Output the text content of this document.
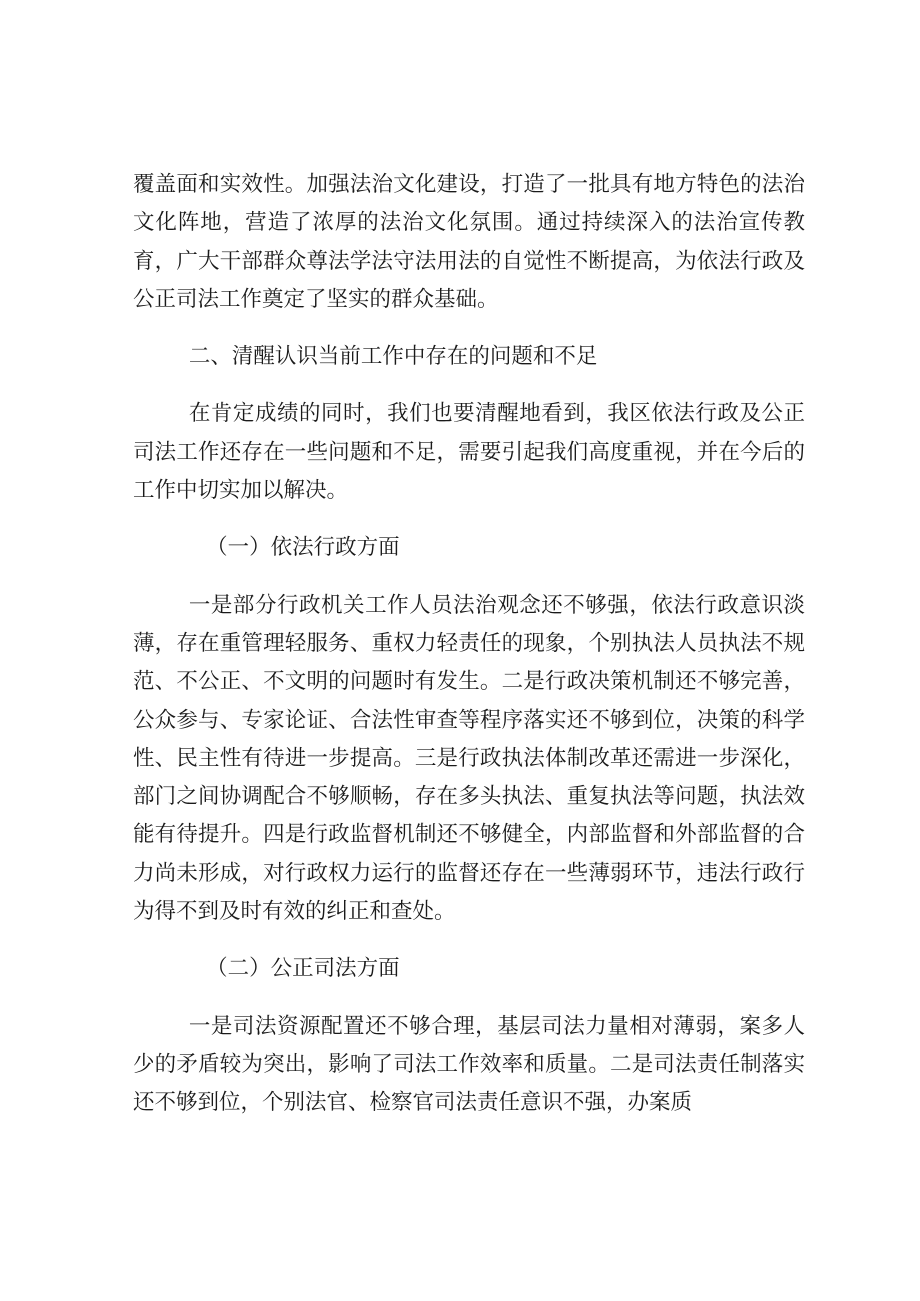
覆盖面和实效性。加强法治文化建设，打造了一批具有地方特色的法治文化阵地，营造了浓厚的法治文化氛围。通过持续深入的法治宣传教育，广大干部群众尊法学法守法用法的自觉性不断提高，为依法行政及公正司法工作奠定了坚实的群众基础。

二、清醒认识当前工作中存在的问题和不足

在肯定成绩的同时，我们也要清醒地看到，我区依法行政及公正司法工作还存在一些问题和不足，需要引起我们高度重视，并在今后的工作中切实加以解决。

（一）依法行政方面

一是部分行政机关工作人员法治观念还不够强，依法行政意识淡薄，存在重管理轻服务、重权力轻责任的现象，个别执法人员执法不规范、不公正、不文明的问题时有发生。二是行政决策机制还不够完善，公众参与、专家论证、合法性审查等程序落实还不够到位，决策的科学性、民主性有待进一步提高。三是行政执法体制改革还需进一步深化，部门之间协调配合不够顺畅，存在多头执法、重复执法等问题，执法效能有待提升。四是行政监督机制还不够健全，内部监督和外部监督的合力尚未形成，对行政权力运行的监督还存在一些薄弱环节，违法行政行为得不到及时有效的纠正和查处。

（二）公正司法方面

一是司法资源配置还不够合理，基层司法力量相对薄弱，案多人少的矛盾较为突出，影响了司法工作效率和质量。二是司法责任制落实还不够到位，个别法官、检察官司法责任意识不强，办案质
